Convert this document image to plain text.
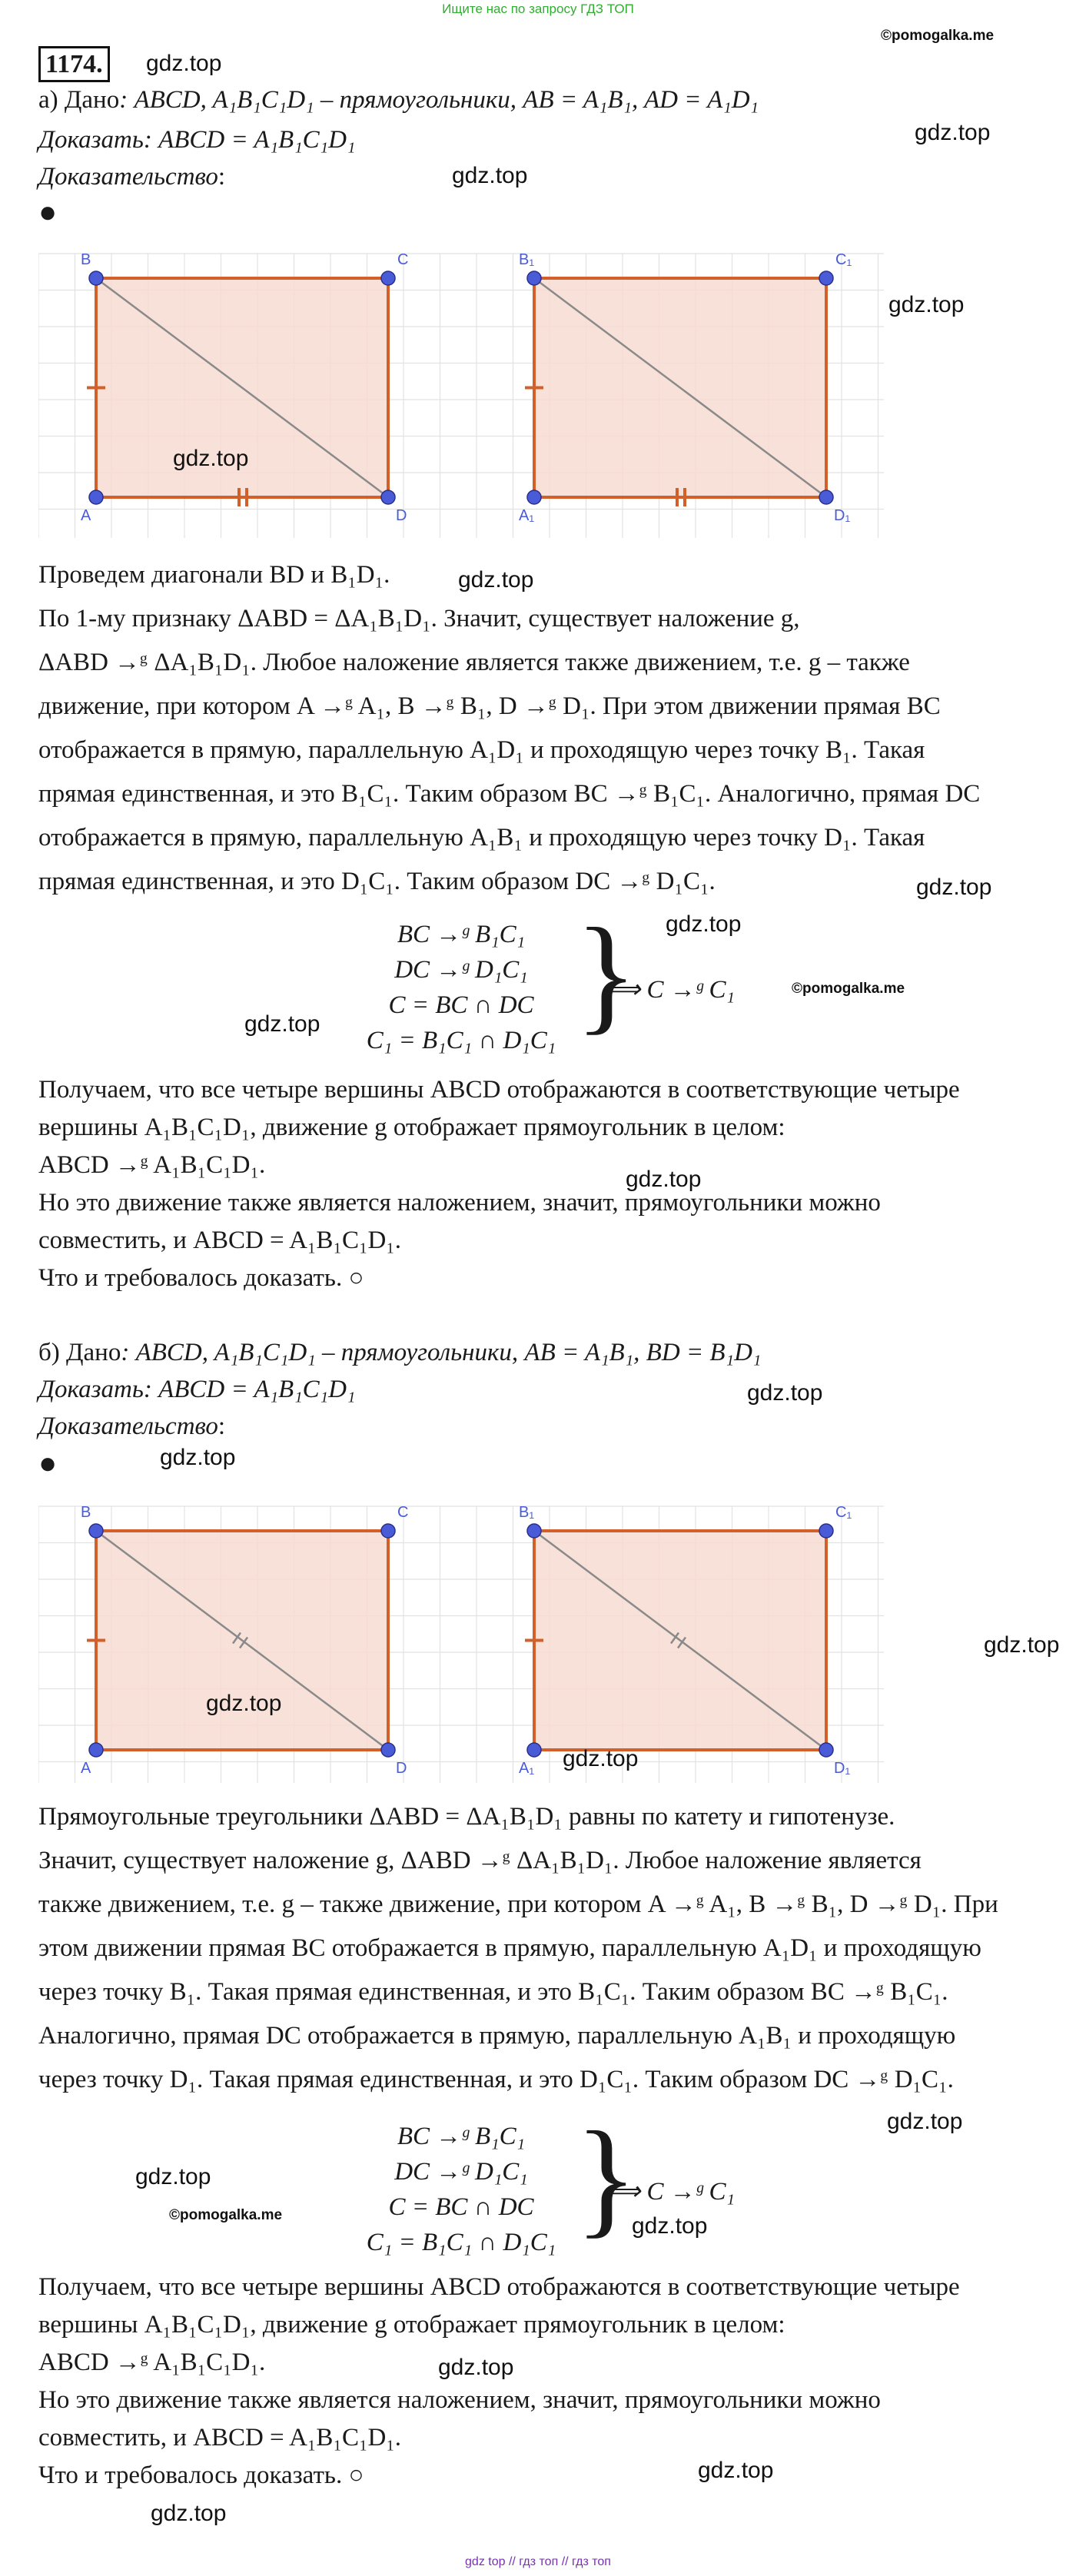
Ищите нас по запросу ГДЗ ТОП
©pomogalka.me
1174.	gdz.top
а) Дано: ABCD, A₁B₁C₁D₁ – прямоугольники, AB = A₁B₁, AD = A₁D₁
gdz.top
Доказать: ABCD = A₁B₁C₁D₁
Доказательство:	gdz.top
●
B	C
A	D
B₁	C₁
A₁	D₁
gdz.top
gdz.top
Проведем диагонали BD и B₁D₁.
По 1-му признаку ΔABD = ΔA₁B₁D₁. Значит, существует наложение g,
ΔABD →ᵍ ΔA₁B₁D₁. Любое наложение является также движением, т.е. g – также
движение, при котором A →ᵍ A₁, B →ᵍ B₁, D →ᵍ D₁. При этом движении прямая BC
отображается в прямую, параллельную A₁D₁ и проходящую через точку B₁. Такая
прямая единственная, и это B₁C₁. Таким образом BC →ᵍ B₁C₁. Аналогично, прямая DC
отображается в прямую, параллельную A₁B₁ и проходящую через точку D₁. Такая
прямая единственная, и это D₁C₁. Таким образом DC →ᵍ D₁C₁.
gdz.top
gdz.top
gdz.top
BC →ᵍ B₁C₁
DC →ᵍ D₁C₁
C = BC ∩ DC
C₁ = B₁C₁ ∩ D₁C₁ }
⟹ C →ᵍ C₁	©pomogalka.me
gdz.top
Получаем, что все четыре вершины ABCD отображаются в соответствующие четыре
вершины A₁B₁C₁D₁, движение g отображает прямоугольник в целом:
ABCD →ᵍ A₁B₁C₁D₁.
Но это движение также является наложением, значит, прямоугольники можно
совместить, и ABCD = A₁B₁C₁D₁.
Что и требовалось доказать. ○
gdz.top
б) Дано: ABCD, A₁B₁C₁D₁ – прямоугольники, AB = A₁B₁, BD = B₁D₁
Доказать: ABCD = A₁B₁C₁D₁	gdz.top
Доказательство:
gdz.top
●
B	C
A	D
B₁	C₁
A₁	D₁
gdz.top
gdz.top
gdz.top
Прямоугольные треугольники ΔABD = ΔA₁B₁D₁ равны по катету и гипотенузе.
Значит, существует наложение g, ΔABD →ᵍ ΔA₁B₁D₁. Любое наложение является
также движением, т.е. g – также движение, при котором A →ᵍ A₁, B →ᵍ B₁, D →ᵍ D₁. При
этом движении прямая BC отображается в прямую, параллельную A₁D₁ и проходящую
через точку B₁. Такая прямая единственная, и это B₁C₁. Таким образом BC →ᵍ B₁C₁.
Аналогично, прямая DC отображается в прямую, параллельную A₁B₁ и проходящую
через точку D₁. Такая прямая единственная, и это D₁C₁. Таким образом DC →ᵍ D₁C₁.
gdz.top
gdz.top
©pomogalka.me
BC →ᵍ B₁C₁
DC →ᵍ D₁C₁
C = BC ∩ DC
C₁ = B₁C₁ ∩ D₁C₁ }
⟹ C →ᵍ C₁
gdz.top
Получаем, что все четыре вершины ABCD отображаются в соответствующие четыре
вершины A₁B₁C₁D₁, движение g отображает прямоугольник в целом:
ABCD →ᵍ A₁B₁C₁D₁.
Но это движение также является наложением, значит, прямоугольники можно
совместить, и ABCD = A₁B₁C₁D₁.
Что и требовалось доказать. ○
gdz.top
gdz.top
gdz.top
gdz top // гдз топ // гдз топ
